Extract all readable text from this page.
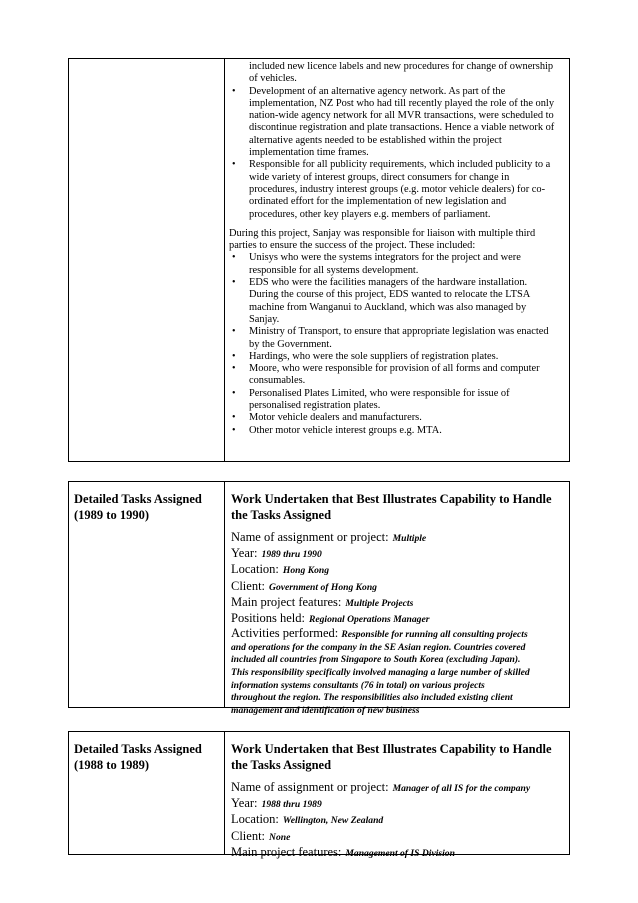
included new licence labels and new procedures for change of ownership
of vehicles.
• Development of an alternative agency network. As part of the
implementation, NZ Post who had till recently played the role of the only
nation-wide agency network for all MVR transactions, were scheduled to
discontinue registration and plate transactions. Hence a viable network of
alternative agents needed to be established within the project
implementation time frames.
• Responsible for all publicity requirements, which included publicity to a
wide variety of interest groups, direct consumers for change in
procedures, industry interest groups (e.g. motor vehicle dealers) for co-
ordinated effort for the implementation of new legislation and
procedures, other key players e.g. members of parliament.
During this project, Sanjay was responsible for liaison with multiple third
parties to ensure the success of the project. These included:
• Unisys who were the systems integrators for the project and were
responsible for all systems development.
• EDS who were the facilities managers of the hardware installation.
During the course of this project, EDS wanted to relocate the LTSA
machine from Wanganui to Auckland, which was also managed by
Sanjay.
• Ministry of Transport, to ensure that appropriate legislation was enacted
by the Government.
• Hardings, who were the sole suppliers of registration plates.
• Moore, who were responsible for provision of all forms and computer
consumables.
• Personalised Plates Limited, who were responsible for issue of
personalised registration plates.
• Motor vehicle dealers and manufacturers.
• Other motor vehicle interest groups e.g. MTA.
Detailed Tasks Assigned
(1989 to 1990)
Work Undertaken that Best Illustrates Capability to Handle
the Tasks Assigned
Name of assignment or project: Multiple
Year: 1989 thru 1990
Location: Hong Kong
Client: Government of Hong Kong
Main project features: Multiple Projects
Positions held: Regional Operations Manager
Activities performed: Responsible for running all consulting projects
and operations for the company in the SE Asian region. Countries covered
included all countries from Singapore to South Korea (excluding Japan).
This responsibility specifically involved managing a large number of skilled
information systems consultants (76 in total) on various projects
throughout the region. The responsibilities also included existing client
management and identification of new business
Detailed Tasks Assigned
(1988 to 1989)
Work Undertaken that Best Illustrates Capability to Handle
the Tasks Assigned
Name of assignment or project: Manager of all IS for the company
Year: 1988 thru 1989
Location: Wellington, New Zealand
Client: None
Main project features: Management of IS Division
